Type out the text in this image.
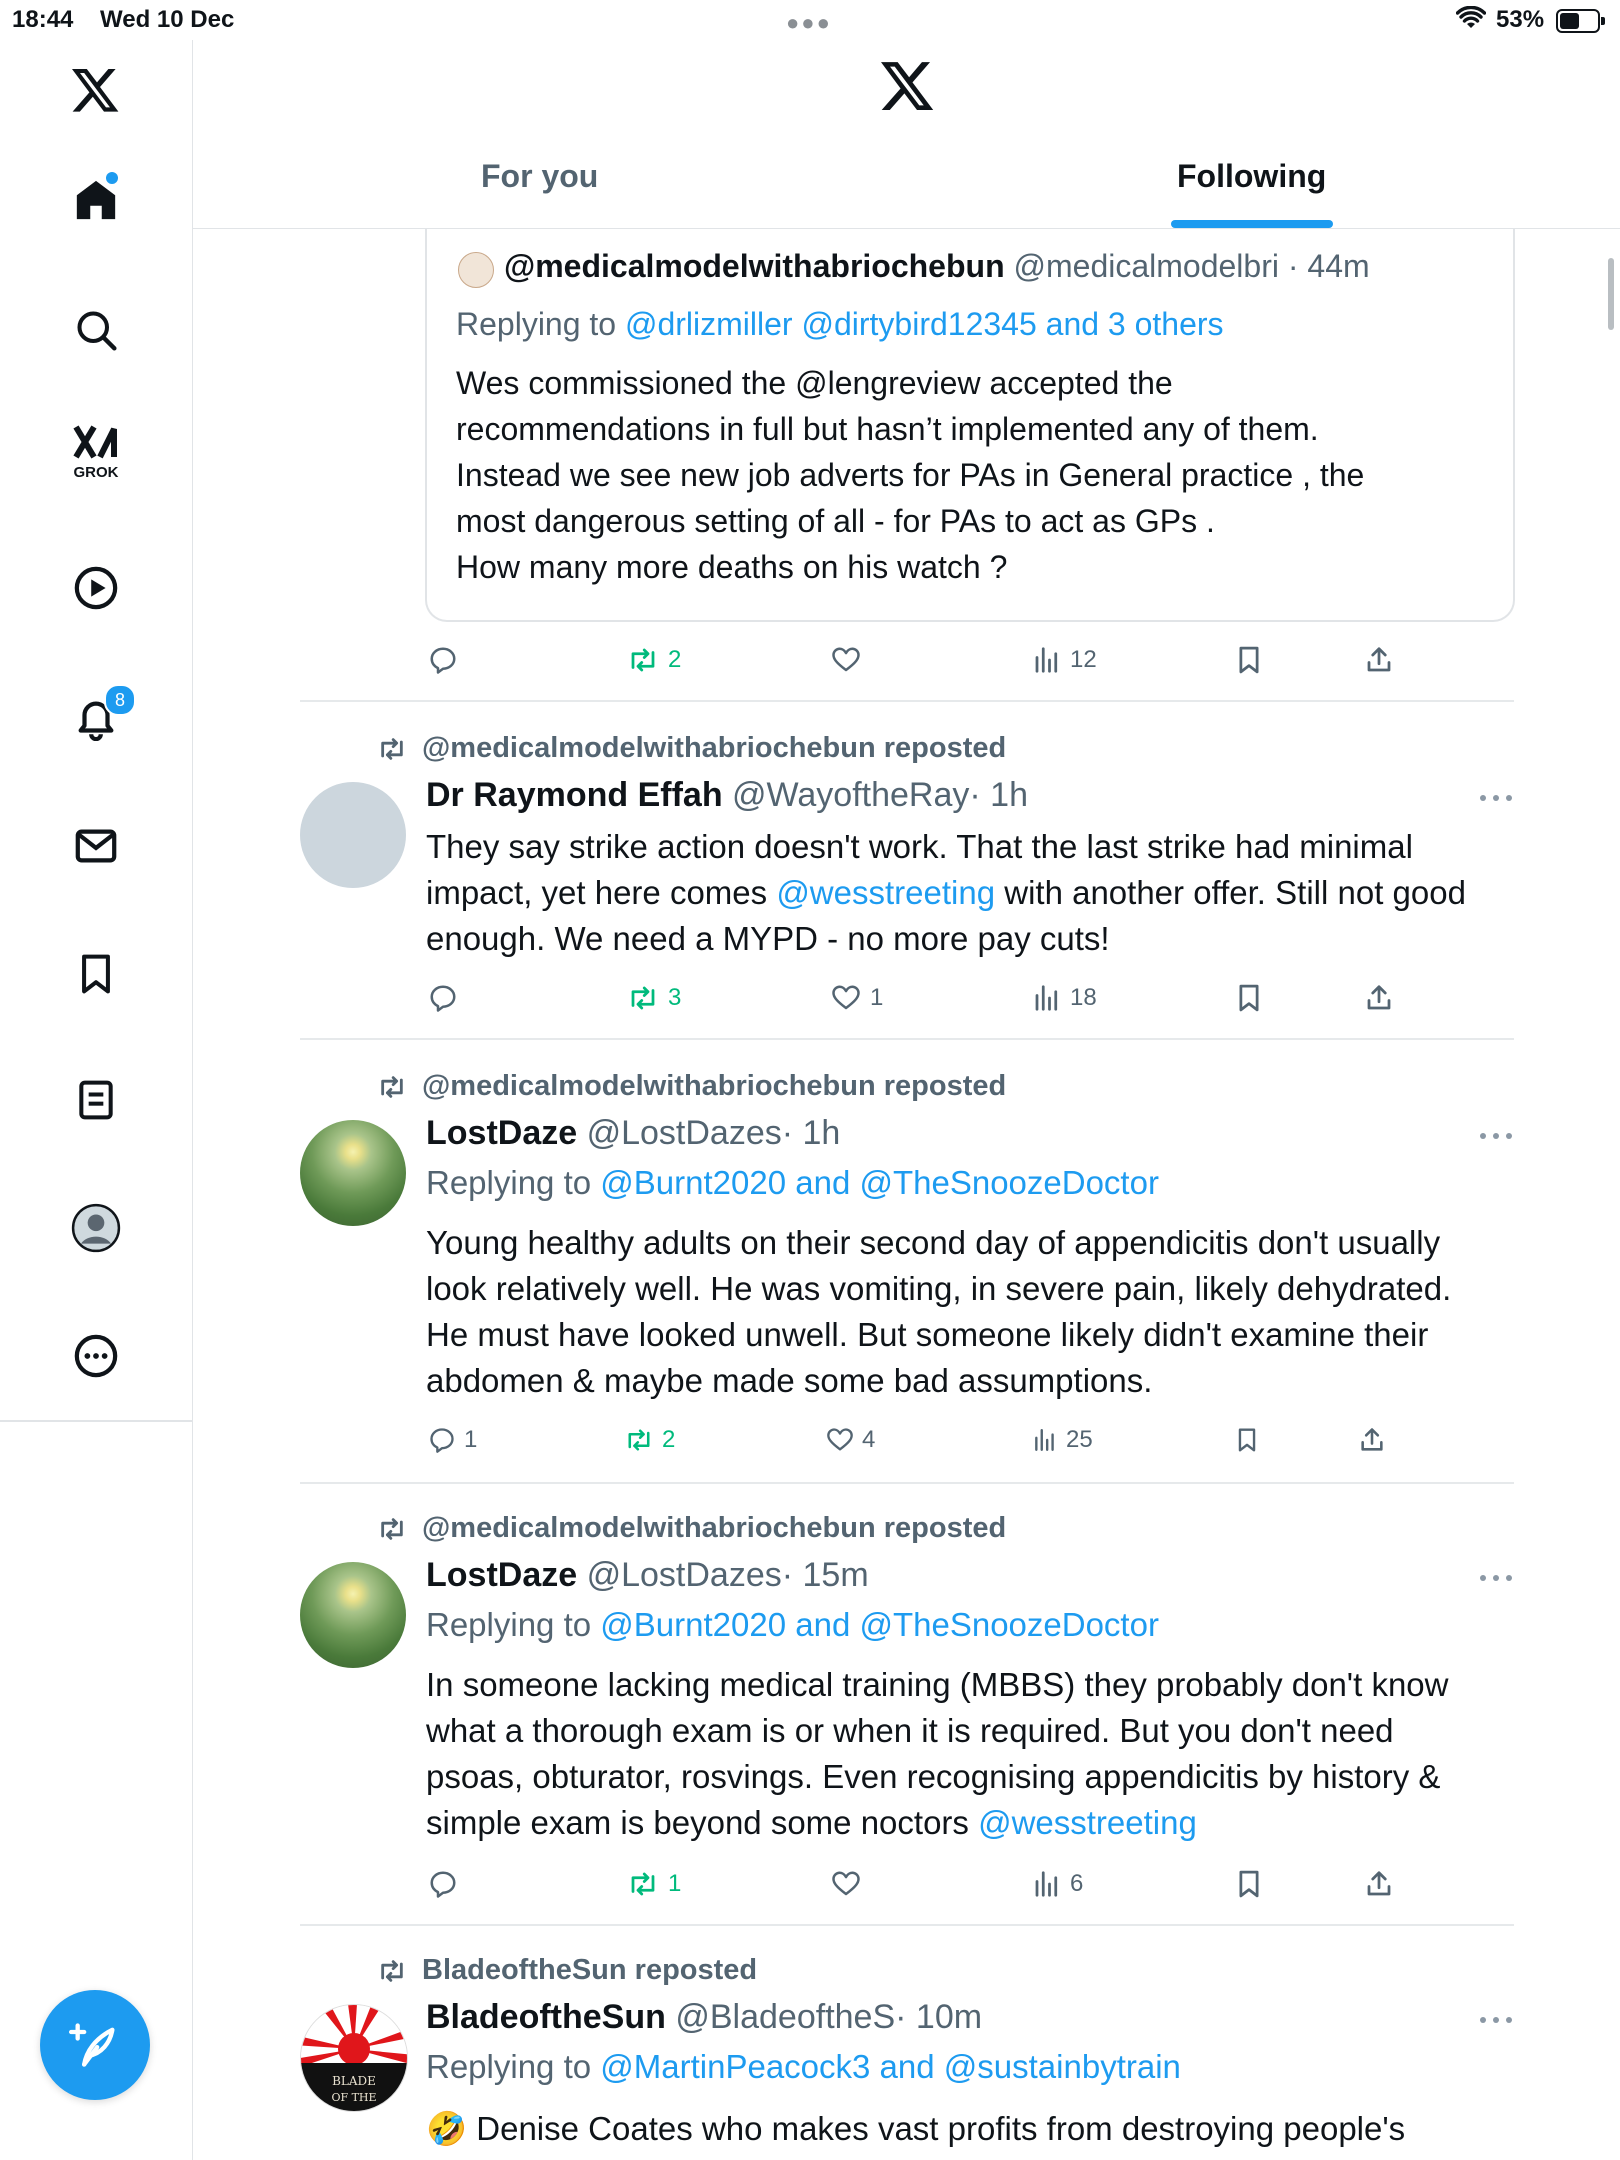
18:44 Wed 10 Dec	●●●	53%
GROK
8
For you	Following
@medicalmodelwithabriochebun @medicalmodelbri · 44m
Replying to @drlizmiller @dirtybird12345 and 3 others
Wes commissioned the @lengreview accepted the
recommendations in full but hasn’t implemented any of them.
Instead we see new job adverts for PAs in General practice , the
most dangerous setting of all - for PAs to act as GPs .
How many more deaths on his watch ?
2	12
@medicalmodelwithabriochebun reposted
Dr Raymond Effah @WayoftheRay· 1h
They say strike action doesn't work. That the last strike had minimal
impact, yet here comes @wesstreeting with another offer. Still not good
enough. We need a MYPD - no more pay cuts!
3	1	18
@medicalmodelwithabriochebun reposted
LostDaze @LostDazes· 1h
Replying to @Burnt2020 and @TheSnoozeDoctor
Young healthy adults on their second day of appendicitis don't usually
look relatively well. He was vomiting, in severe pain, likely dehydrated.
He must have looked unwell. But someone likely didn't examine their
abdomen & maybe made some bad assumptions.
1	2	4	25
@medicalmodelwithabriochebun reposted
LostDaze @LostDazes· 15m
Replying to @Burnt2020 and @TheSnoozeDoctor
In someone lacking medical training (MBBS) they probably don't know
what a thorough exam is or when it is required. But you don't need
psoas, obturator, rosvings. Even recognising appendicitis by history &
simple exam is beyond some noctors @wesstreeting
1	6
BladeoftheSun reposted
BLADE
OF THE
BladeoftheSun @BladeoftheS· 10m
Replying to @MartinPeacock3 and @sustainbytrain
🤣 Denise Coates who makes vast profits from destroying people's
